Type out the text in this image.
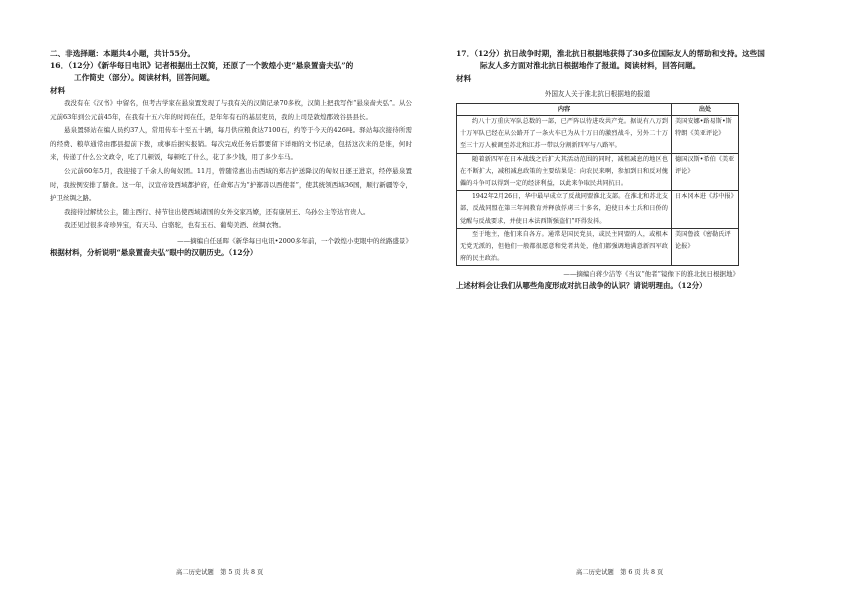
二、非选择题：本题共4小题，共计55分。
16．（12分）《新华每日电讯》记者根据出土汉简，还原了一个敦煌小吏“悬泉置啬夫弘”的
工作简史（部分）。阅读材料，回答问题。
材料

我没有在《汉书》中留名，但考古学家在悬泉置发现了与我有关的汉简记录70多枚，汉简上把我写作“悬泉啬夫弘”。从公元前63年到公元前45年，在我有十五六年的时间在任，是年年有石的基层吏员，我的上司是敦煌郡效谷县县长。

悬泉置驿站在编人员约37人，常用传车十至五十辆，每月供应粮食达7100石，约等于今天的426吨。驿站每次接待所需的经费、粮草通常由郡县提前下拨，或事后据实报销。每次完成任务后都要留下详细的文书记录，包括这次来的是谁，何时来，传递了什么公文政令，吃了几顿饭，每顿吃了什么，花了多少钱，用了多少车马。

公元前60年5月，我迎接了千余人的匈奴团。11月，曾随常惠出击西域的郑吉护送降汉的匈奴日逐王进京，经停悬泉置时，我按例安排了膳食。这一年，汉宣帝设西域都护府，任命郑吉为“护鄯善以西使者”，使其统领西域36国，顺行新疆等令，护卫丝绸之路。

我接待过解忧公主，随主西行、持节往出使西域诸国的女外交家冯嫽，还有康居王、乌孙公主等达官贵人。

我还见过很多奇珍异宝，有天马、白骆驼，也有玉石、葡萄美酒、丝绸衣物。

——摘编自任延晖《新华每日电讯•2000多年前，一个敦煌小吏眼中的丝路盛景》

根据材料，分析说明“悬泉置啬夫弘”眼中的汉朝历史。（12分）

高二历史试题　第 5 页 共 8 页
17．（12分）抗日战争时期，淮北抗日根据地获得了30多位国际友人的帮助和支持。这些国
际友人多方面对淮北抗日根据地作了报道。阅读材料，回答问题。
材料
外国友人关于淮北抗日根据地的报道
内容	出处
约八十万重庆军队总数的一部，已严阵以待进攻共产党。据说有八万到十万军队已经在从公路开了一条火车已为从十万日的激烈战斗，另外二十万至三十万人被调至苏北和江苏一带以分割新四军与八路军。	美国安娜•路易斯•斯特朗《美亚评论》
随着新四军在日本战线之后扩大其活动范围的同时，减租减息的地区也在不断扩大，减租减息政策的主要结果是：向农民来啊，参加到日和反对傀儡的斗争可以得到一定的经济利益，以此来争取民共同抗日。	德国汉斯•希伯《美亚评论》
1942年2月26日，华中最早成立了反战同盟淮北支部。在淮北和苏北支部，反战同盟在第三年间教育并释放俘虏三十多名，迫使日本士兵和日侨的觉醒与反战要求，并使日本法西斯强盗们”吓得发抖。	日本冈本进《苏中报》
至于地主，他们来自各方。通常是国民党员，或民主同盟的人，或根本无党无派的，但他们一般都很愿意和党者共处，他们都强调地满意新四军政府的民主政治。	美国鲁波《密勒氏评论报》

——摘编自蒋少洁等《当议“他者”镜像下的淮北抗日根据地》

上述材料会让我们从哪些角度形成对抗日战争的认识？请说明理由。（12分）

高二历史试题　第 6 页 共 8 页
